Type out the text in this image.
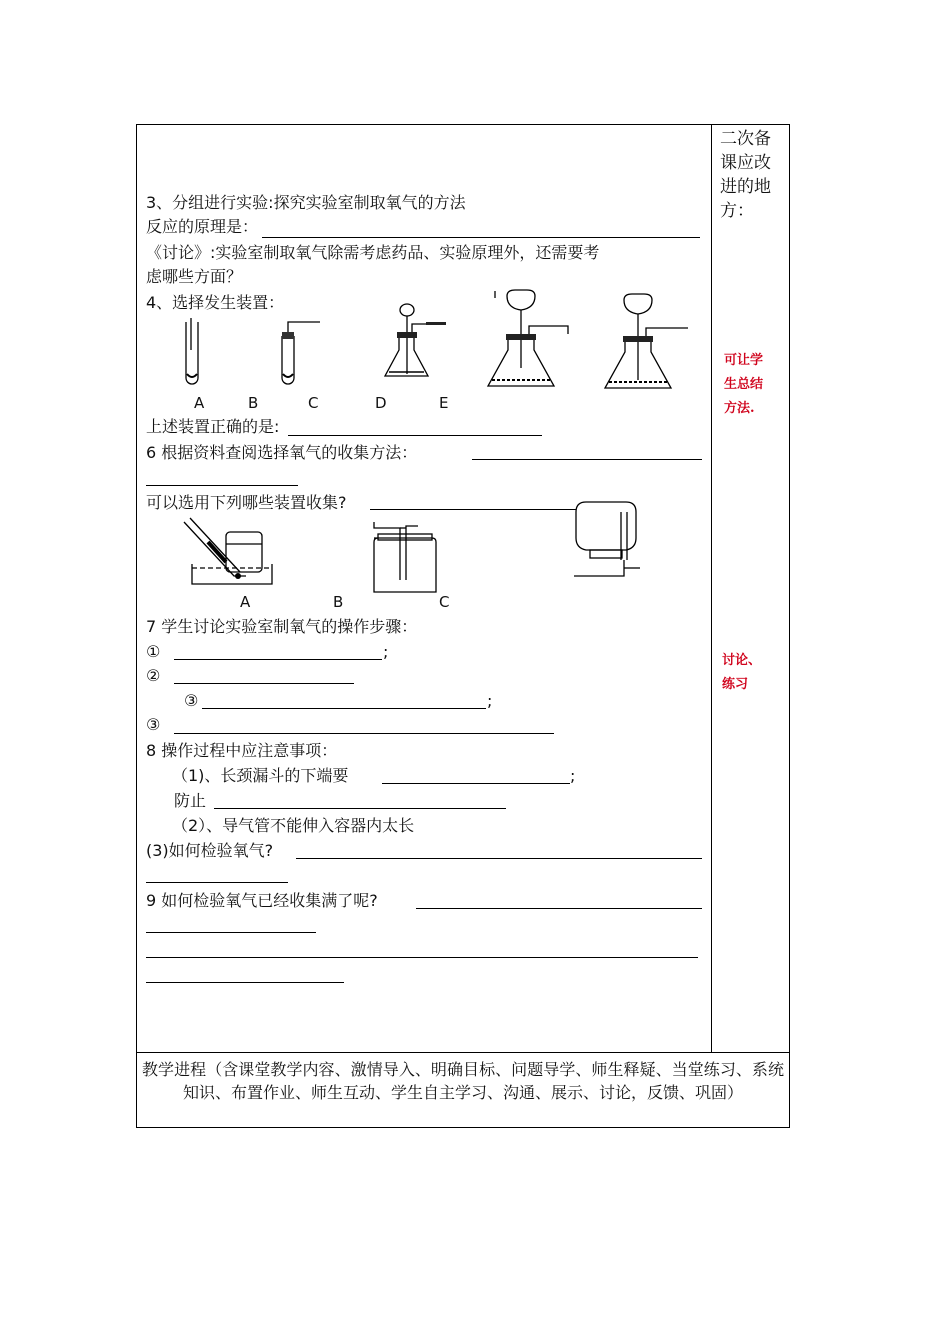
二次备
课应改
进的地
方：
可让学
生总结
方法.
讨论、
练习
3、分组进行实验:探究实验室制取氧气的方法
反应的原理是：
《讨论》:实验室制取氧气除需考虑药品、实验原理外，还需要考
虑哪些方面？
4、选择发生装置：
A	B	C	D	E
上述装置正确的是:
6 根据资料查阅选择氧气的收集方法：
可以选用下列哪些装置收集?
A	B	C
7 学生讨论实验室制氧气的操作步骤：
①	;
②
③	;
③
8 操作过程中应注意事项：
（1)、长颈漏斗的下端要	;
防止
（2）、导气管不能伸入容器内太长
(3)如何检验氧气?
9 如何检验氧气已经收集满了呢?
教学进程（含课堂教学内容、激情导入、明确目标、问题导学、师生释疑、当堂练习、系统知识、布置作业、师生互动、学生自主学习、沟通、展示、讨论，反馈、巩固）
